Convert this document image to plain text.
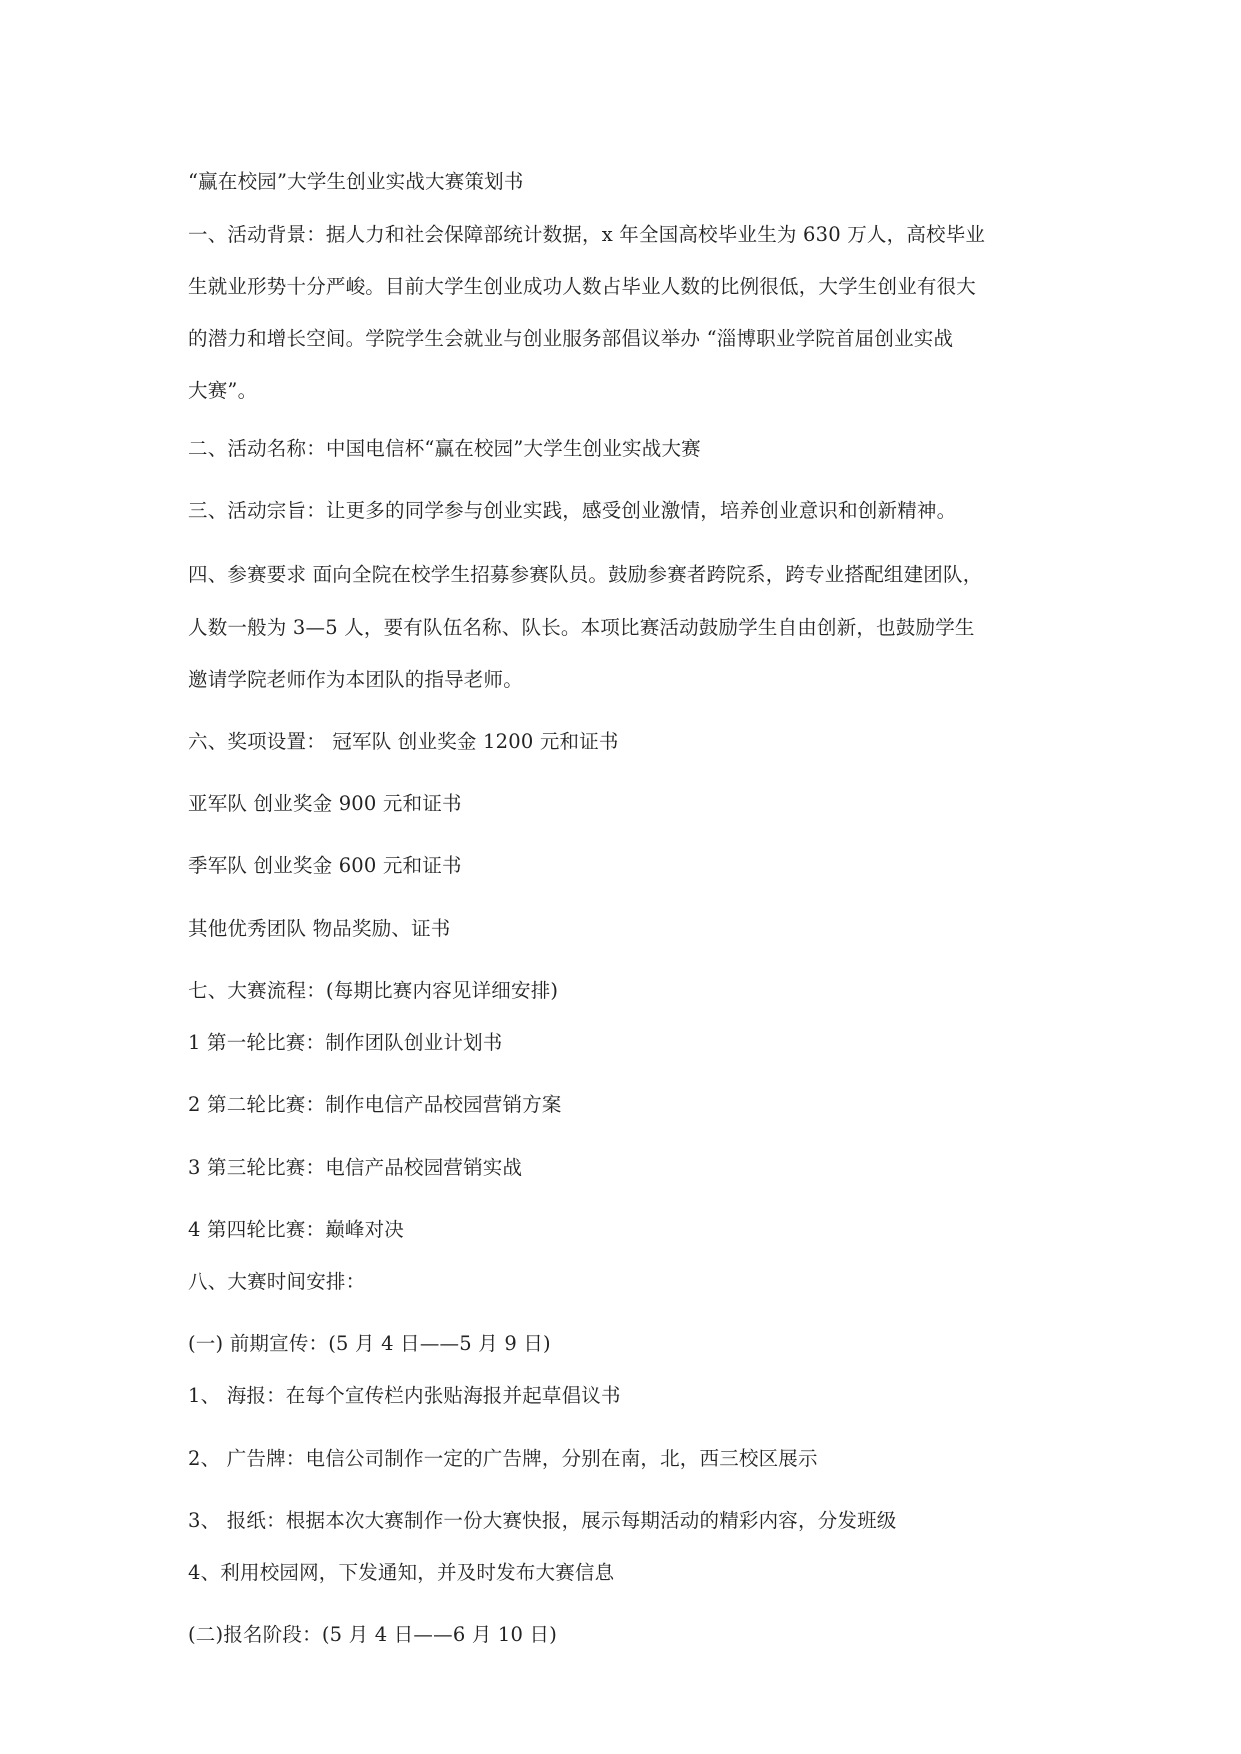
“赢在校园”大学生创业实战大赛策划书
一、活动背景：据人力和社会保障部统计数据，x 年全国高校毕业生为 630 万人，高校毕业
生就业形势十分严峻。目前大学生创业成功人数占毕业人数的比例很低，大学生创业有很大
的潜力和增长空间。学院学生会就业与创业服务部倡议举办 “淄博职业学院首届创业实战
大赛”。
二、活动名称：中国电信杯“赢在校园”大学生创业实战大赛
三、活动宗旨：让更多的同学参与创业实践，感受创业激情，培养创业意识和创新精神。
四、参赛要求 面向全院在校学生招募参赛队员。鼓励参赛者跨院系，跨专业搭配组建团队，
人数一般为 3—5 人，要有队伍名称、队长。本项比赛活动鼓励学生自由创新，也鼓励学生
邀请学院老师作为本团队的指导老师。
六、奖项设置： 冠军队 创业奖金 1200 元和证书
亚军队 创业奖金 900 元和证书
季军队 创业奖金 600 元和证书
其他优秀团队 物品奖励、证书
七、大赛流程：(每期比赛内容见详细安排)
1 第一轮比赛：制作团队创业计划书
2 第二轮比赛：制作电信产品校园营销方案
3 第三轮比赛：电信产品校园营销实战
4 第四轮比赛：巅峰对决
八、大赛时间安排：
(一) 前期宣传：(5 月 4 日——5 月 9 日)
1、 海报：在每个宣传栏内张贴海报并起草倡议书
2、 广告牌：电信公司制作一定的广告牌，分别在南，北，西三校区展示
3、 报纸：根据本次大赛制作一份大赛快报，展示每期活动的精彩内容，分发班级
4、利用校园网，下发通知，并及时发布大赛信息
(二)报名阶段：(5 月 4 日——6 月 10 日)
